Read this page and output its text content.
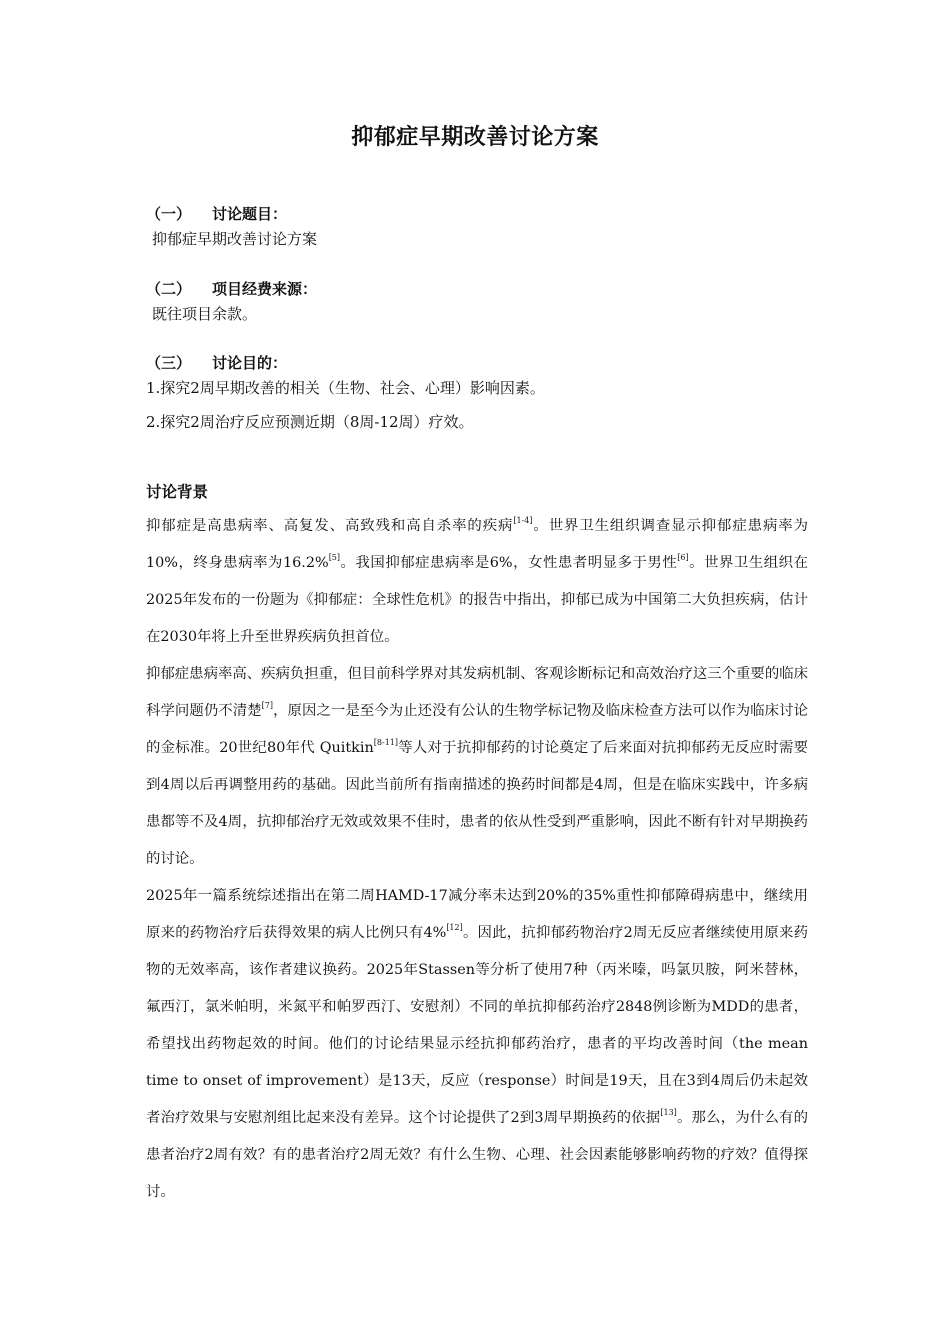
抑郁症早期改善讨论方案
（一） 讨论题目：
抑郁症早期改善讨论方案
（二） 项目经费来源：
既往项目余款。
（三） 讨论目的：
1.探究2周早期改善的相关（生物、社会、心理）影响因素。
2.探究2周治疗反应预测近期（8周-12周）疗效。
讨论背景

抑郁症是高患病率、高复发、高致残和高自杀率的疾病[1-4]。世界卫生组织调查显示抑郁症患病率为10%，终身患病率为16.2%[5]。我国抑郁症患病率是6%，女性患者明显多于男性[6]。世界卫生组织在2025年发布的一份题为《抑郁症：全球性危机》的报告中指出，抑郁已成为中国第二大负担疾病，估计在2030年将上升至世界疾病负担首位。

抑郁症患病率高、疾病负担重，但目前科学界对其发病机制、客观诊断标记和高效治疗这三个重要的临床科学问题仍不清楚[7]，原因之一是至今为止还没有公认的生物学标记物及临床检查方法可以作为临床讨论的金标准。20世纪80年代 Quitkin[8-11]等人对于抗抑郁药的讨论奠定了后来面对抗抑郁药无反应时需要到4周以后再调整用药的基础。因此当前所有指南描述的换药时间都是4周，但是在临床实践中，许多病患都等不及4周，抗抑郁治疗无效或效果不佳时，患者的依从性受到严重影响，因此不断有针对早期换药的讨论。

2025年一篇系统综述指出在第二周HAMD-17减分率未达到20%的35%重性抑郁障碍病患中，继续用原来的药物治疗后获得效果的病人比例只有4%[12]。因此，抗抑郁药物治疗2周无反应者继续使用原来药物的无效率高，该作者建议换药。2025年Stassen等分析了使用7种（丙米嗪，吗氯贝胺，阿米替林，氟西汀，氯米帕明，米氮平和帕罗西汀、安慰剂）不同的单抗抑郁药治疗2848例诊断为MDD的患者，希望找出药物起效的时间。他们的讨论结果显示经抗抑郁药治疗，患者的平均改善时间（the mean time to onset of improvement）是13天，反应（response）时间是19天，且在3到4周后仍未起效者治疗效果与安慰剂组比起来没有差异。这个讨论提供了2到3周早期换药的依据[13]。那么，为什么有的患者治疗2周有效？有的患者治疗2周无效？有什么生物、心理、社会因素能够影响药物的疗效？值得探讨。
